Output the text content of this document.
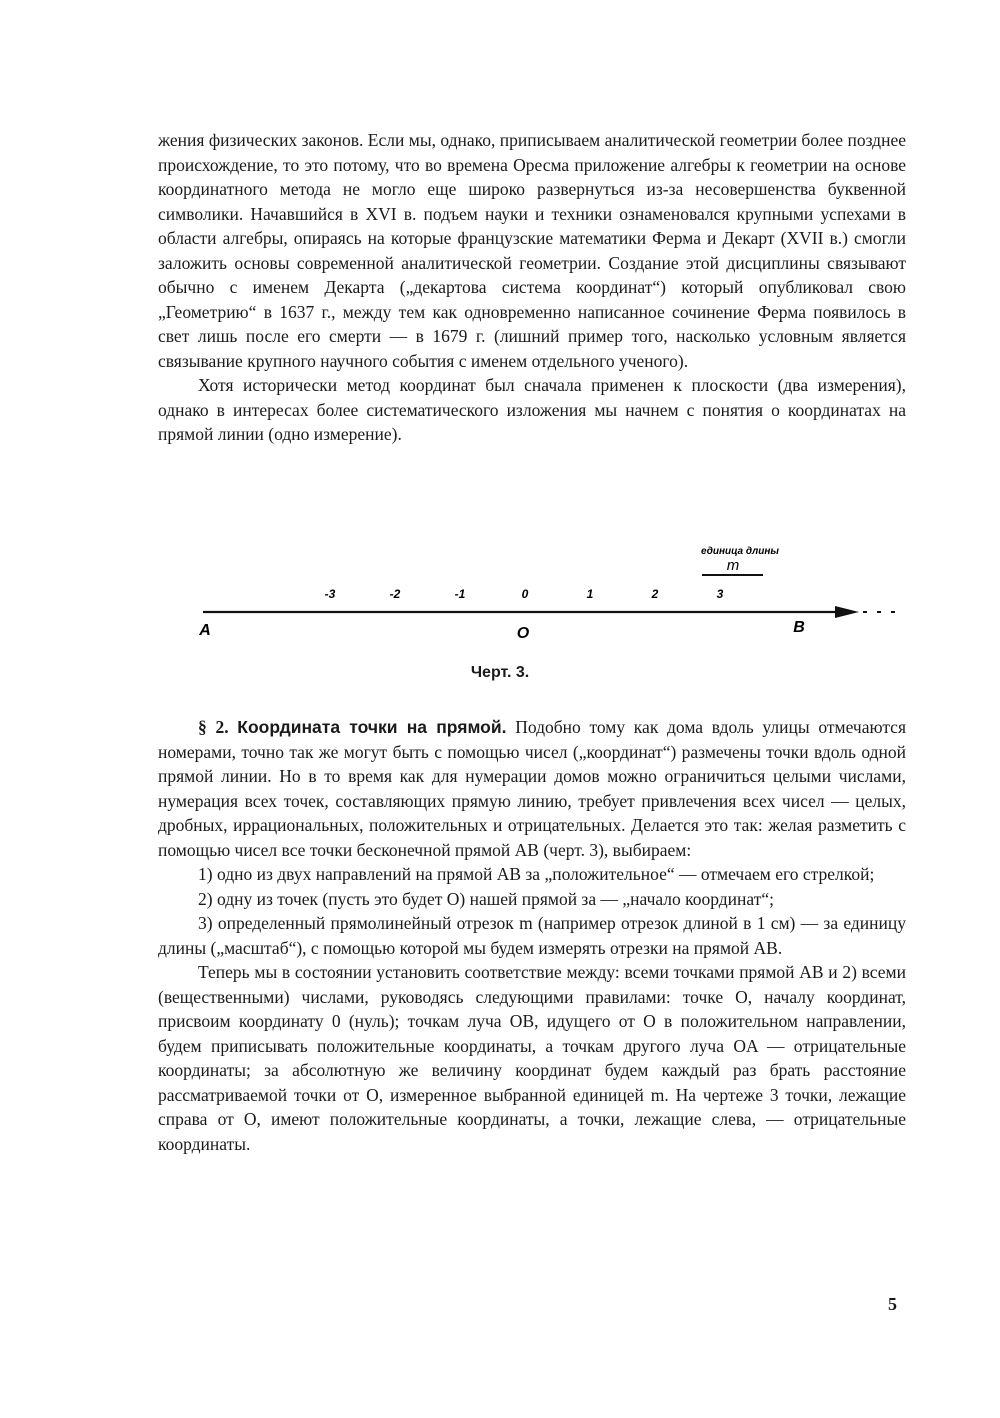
жения физических законов. Если мы, однако, приписываем аналитической геометрии более позднее происхождение, то это потому, что во времена Оресма приложение алгебры к геометрии на основе координатного метода не могло еще широко развернуться из-за несовершенства буквенной символики. Начавшийся в XVI в. подъем науки и техники ознаменовался крупными успехами в области алгебры, опираясь на которые французские математики Ферма и Декарт (XVII в.) смогли заложить основы современной аналитической геометрии. Создание этой дисциплины связывают обычно с именем Декарта („декартова система координат“) который опубликовал свою „Геометрию“ в 1637 г., между тем как одновременно написанное сочинение Ферма появилось в свет лишь после его смерти — в 1679 г. (лишний пример того, насколько условным является связывание крупного научного события с именем отдельного ученого).

Хотя исторически метод координат был сначала применен к плоскости (два измерения), однако в интересах более систематического изложения мы начнем с понятия о координатах на прямой линии (одно измерение).

единица длины
m
-3	-2	-1	0	1	2	3
A	O	B
Черт. 3.

§ 2. Координата точки на прямой. Подобно тому как дома вдоль улицы отмечаются номерами, точно так же могут быть с помощью чисел („координат“) размечены точки вдоль одной прямой линии. Но в то время как для нумерации домов можно ограничиться целыми числами, нумерация всех точек, составляющих прямую линию, требует привлечения всех чисел — целых, дробных, иррациональных, положительных и отрицательных. Делается это так: желая разметить с помощью чисел все точки бесконечной прямой AB (черт. 3), выбираем:

1) одно из двух направлений на прямой AB за „положительное“ — отмечаем его стрелкой;

2) одну из точек (пусть это будет O) нашей прямой за — „начало координат“;

3) определенный прямолинейный отрезок m (например отрезок длиной в 1 см) — за единицу длины („масштаб“), с помощью которой мы будем измерять отрезки на прямой AB.

Теперь мы в состоянии установить соответствие между: всеми точками прямой AB и 2) всеми (вещественными) числами, руководясь следующими правилами: точке O, началу координат, присвоим координату 0 (нуль); точкам луча OB, идущего от O в положительном направлении, будем приписывать положительные координаты, а точкам другого луча OA — отрицательные координаты; за абсолютную же величину координат будем каждый раз брать расстояние рассматриваемой точки от O, измеренное выбранной единицей m. На чертеже 3 точки, лежащие справа от O, имеют положительные координаты, а точки, лежащие слева, — отрицательные координаты.

5
